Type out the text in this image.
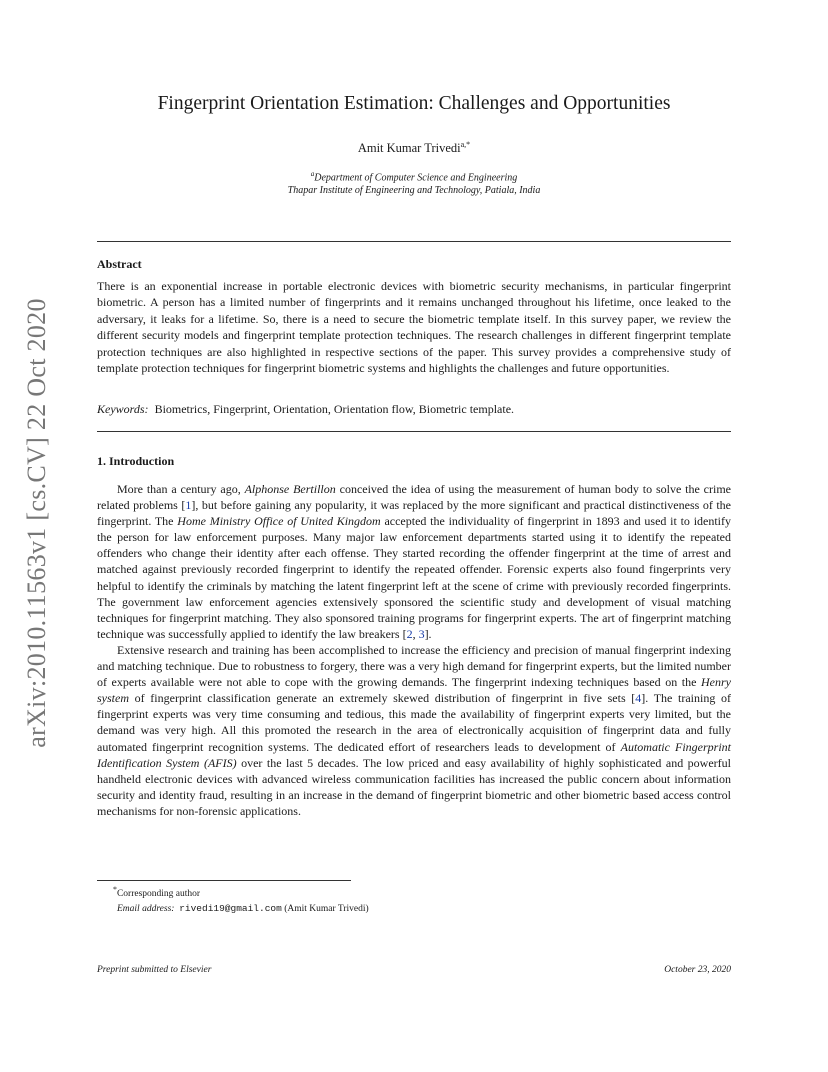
arXiv:2010.11563v1 [cs.CV] 22 Oct 2020
Fingerprint Orientation Estimation: Challenges and Opportunities
Amit Kumar Trivedi$^{a,*}$
$^a$Department of Computer Science and Engineering
Thapar Institute of Engineering and Technology, Patiala, India
Abstract
There is an exponential increase in portable electronic devices with biometric security mechanisms, in particular fingerprint biometric. A person has a limited number of fingerprints and it remains unchanged throughout his lifetime, once leaked to the adversary, it leaks for a lifetime. So, there is a need to secure the biometric template itself. In this survey paper, we review the different security models and fingerprint template protection techniques. The research challenges in different fingerprint template protection techniques are also highlighted in respective sections of the paper. This survey provides a comprehensive study of template protection techniques for fingerprint biometric systems and highlights the challenges and future opportunities.
Keywords: Biometrics, Fingerprint, Orientation, Orientation flow, Biometric template.
1. Introduction

More than a century ago, Alphonse Bertillon conceived the idea of using the measurement of human body to solve the crime related problems [1], but before gaining any popularity, it was replaced by the more significant and practical distinctiveness of the fingerprint. The Home Ministry Office of United Kingdom accepted the individuality of fingerprint in 1893 and used it to identify the person for law enforcement purposes. Many major law enforcement departments started using it to identify the repeated offenders who change their identity after each offense. They started recording the offender fingerprint at the time of arrest and matched against previously recorded fingerprint to identify the repeated offender. Forensic experts also found fingerprints very helpful to identify the criminals by matching the latent fingerprint left at the scene of crime with previously recorded fingerprints. The government law enforcement agencies extensively sponsored the scientific study and development of visual matching techniques for fingerprint matching. They also sponsored training programs for fingerprint experts. The art of fingerprint matching technique was successfully applied to identify the law breakers [2, 3].

Extensive research and training has been accomplished to increase the efficiency and precision of manual fingerprint indexing and matching technique. Due to robustness to forgery, there was a very high demand for fingerprint experts, but the limited number of experts available were not able to cope with the growing demands. The fingerprint indexing techniques based on the Henry system of fingerprint classification generate an extremely skewed distribution of fingerprint in five sets [4]. The training of fingerprint experts was very time consuming and tedious, this made the availability of fingerprint experts very limited, but the demand was very high. All this promoted the research in the area of electronically acquisition of fingerprint data and fully automated fingerprint recognition systems. The dedicated effort of researchers leads to development of Automatic Fingerprint Identification System (AFIS) over the last 5 decades. The low priced and easy availability of highly sophisticated and powerful handheld electronic devices with advanced wireless communication facilities has increased the public concern about information security and identity fraud, resulting in an increase in the demand of fingerprint biometric and other biometric based access control mechanisms for non-forensic applications.

*Corresponding author
Email address: rivedi19@gmail.com (Amit Kumar Trivedi)
Preprint submitted to Elsevier	October 23, 2020
